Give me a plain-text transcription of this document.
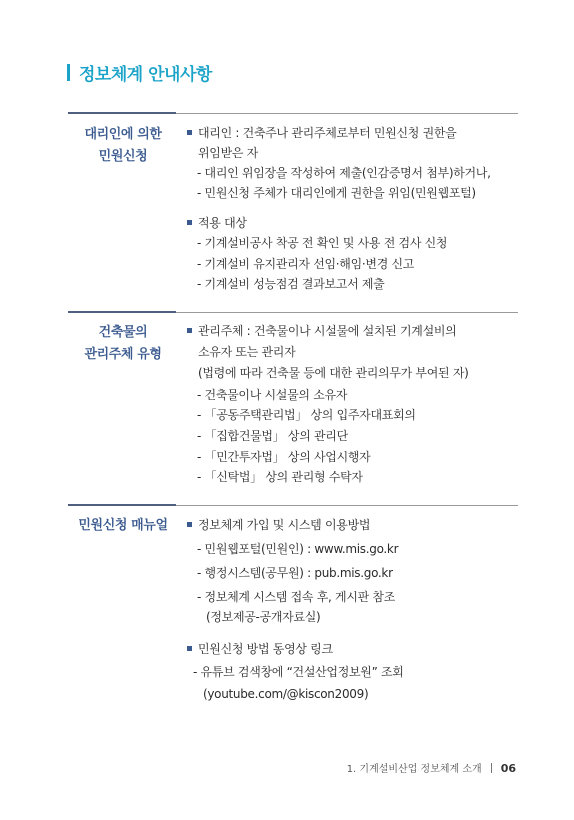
정보체계 안내사항
대리인에 의한
민원신청
대리인 : 건축주나 관리주체로부터 민원신청 권한을
위임받은 자
- 대리인 위임장을 작성하여 제출(인감증명서 첨부)하거나,
- 민원신청 주체가 대리인에게 권한을 위임(민원웹포털)
적용 대상
- 기계설비공사 착공 전 확인 및 사용 전 검사 신청
- 기계설비 유지관리자 선임·해임·변경 신고
- 기계설비 성능점검 결과보고서 제출
건축물의
관리주체 유형
관리주체 : 건축물이나 시설물에 설치된 기계설비의
소유자 또는 관리자
(법령에 따라 건축물 등에 대한 관리의무가 부여된 자)
- 건축물이나 시설물의 소유자
- 「공동주택관리법」 상의 입주자대표회의
- 「집합건물법」 상의 관리단
- 「민간투자법」 상의 사업시행자
- 「신탁법」 상의 관리형 수탁자
민원신청 매뉴얼	정보체계 가입 및 시스템 이용방법
- 민원웹포털(민원인) : www.mis.go.kr
- 행정시스템(공무원) : pub.mis.go.kr
- 정보체계 시스템 접속 후, 게시판 참조
(정보제공-공개자료실)
민원신청 방법 동영상 링크
- 유튜브 검색창에 “건설산업정보원” 조회
(youtube.com/@kiscon2009)
1. 기계설비산업 정보체계 소개 06
